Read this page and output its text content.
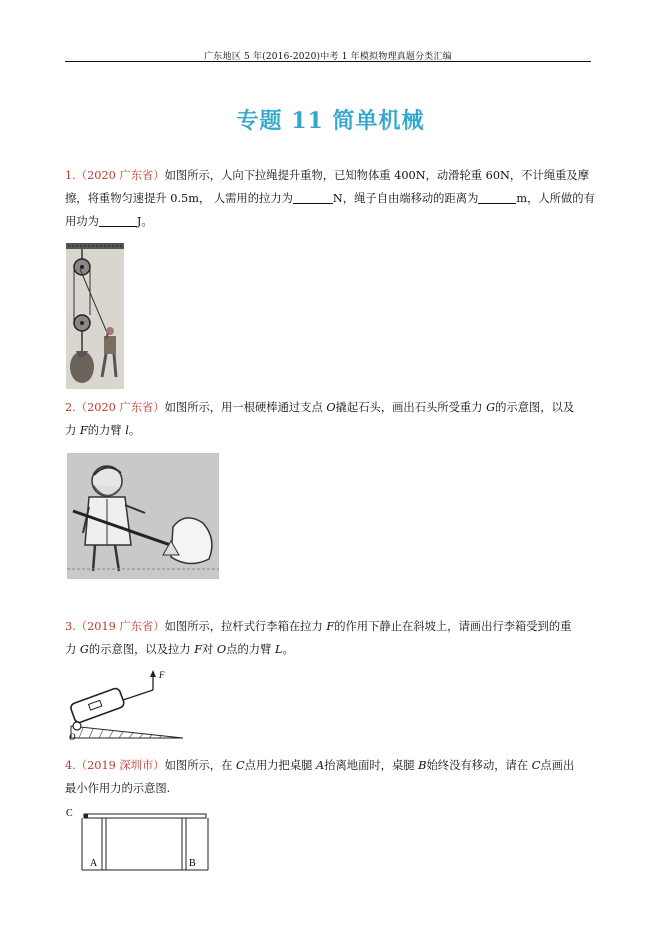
广东地区 5 年(2016-2020)中考 1 年模拟物理真题分类汇编
专题 11 简单机械
1.（2020 广东省）如图所示，人向下拉绳提升重物，已知物体重 400N，动滑轮重 60N，不计绳重及摩
擦，将重物匀速提升 0.5m， 人需用的拉力为	N，绳子自由端移动的距离为	m，人所做的有
用功为	J。
2.（2020 广东省）如图所示，用一根硬棒通过支点 O撬起石头，画出石头所受重力 G的示意图，以及
力 F的力臂 l。
3.（2019 广东省）如图所示，拉杆式行李箱在拉力 F的作用下静止在斜坡上，请画出行李箱受到的重
力 G的示意图，以及拉力 F对 O点的力臂 L。
F
O
4.（2019 深圳市）如图所示，在 C点用力把桌腿 A抬离地面时，桌腿 B始终没有移动，请在 C点画出
最小作用力的示意图.
C
A	B
